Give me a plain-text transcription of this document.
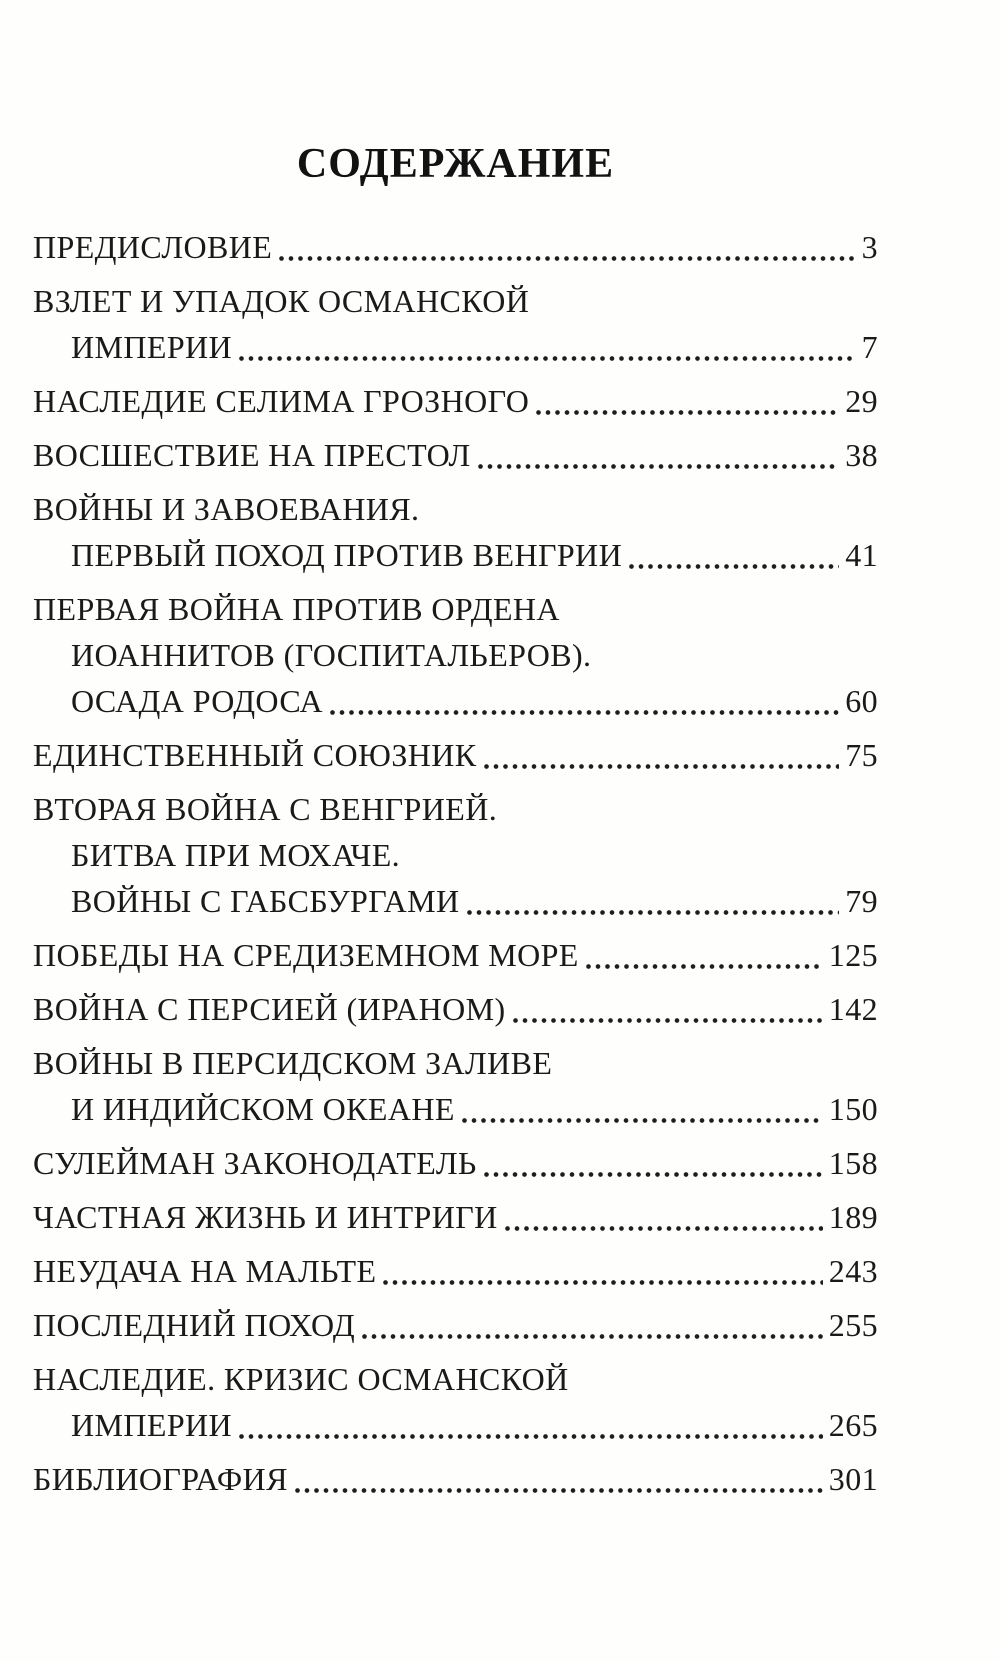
СОДЕРЖАНИЕ
ПРЕДИСЛОВИЕ	3
ВЗЛЕТ И УПАДОК ОСМАНСКОЙ
ИМПЕРИИ	7
НАСЛЕДИЕ СЕЛИМА ГРОЗНОГО	29
ВОСШЕСТВИЕ НА ПРЕСТОЛ	38
ВОЙНЫ И ЗАВОЕВАНИЯ.
ПЕРВЫЙ ПОХОД ПРОТИВ ВЕНГРИИ	41
ПЕРВАЯ ВОЙНА ПРОТИВ ОРДЕНА
ИОАННИТОВ (ГОСПИТАЛЬЕРОВ).
ОСАДА РОДОСА	60
ЕДИНСТВЕННЫЙ СОЮЗНИК	75
ВТОРАЯ ВОЙНА С ВЕНГРИЕЙ.
БИТВА ПРИ МОХАЧЕ.
ВОЙНЫ С ГАБСБУРГАМИ	79
ПОБЕДЫ НА СРЕДИЗЕМНОМ МОРЕ	125
ВОЙНА С ПЕРСИЕЙ (ИРАНОМ)	142
ВОЙНЫ В ПЕРСИДСКОМ ЗАЛИВЕ
И ИНДИЙСКОМ ОКЕАНЕ	150
СУЛЕЙМАН ЗАКОНОДАТЕЛЬ	158
ЧАСТНАЯ ЖИЗНЬ И ИНТРИГИ	189
НЕУДАЧА НА МАЛЬТЕ	243
ПОСЛЕДНИЙ ПОХОД	255
НАСЛЕДИЕ. КРИЗИС ОСМАНСКОЙ
ИМПЕРИИ	265
БИБЛИОГРАФИЯ	301
